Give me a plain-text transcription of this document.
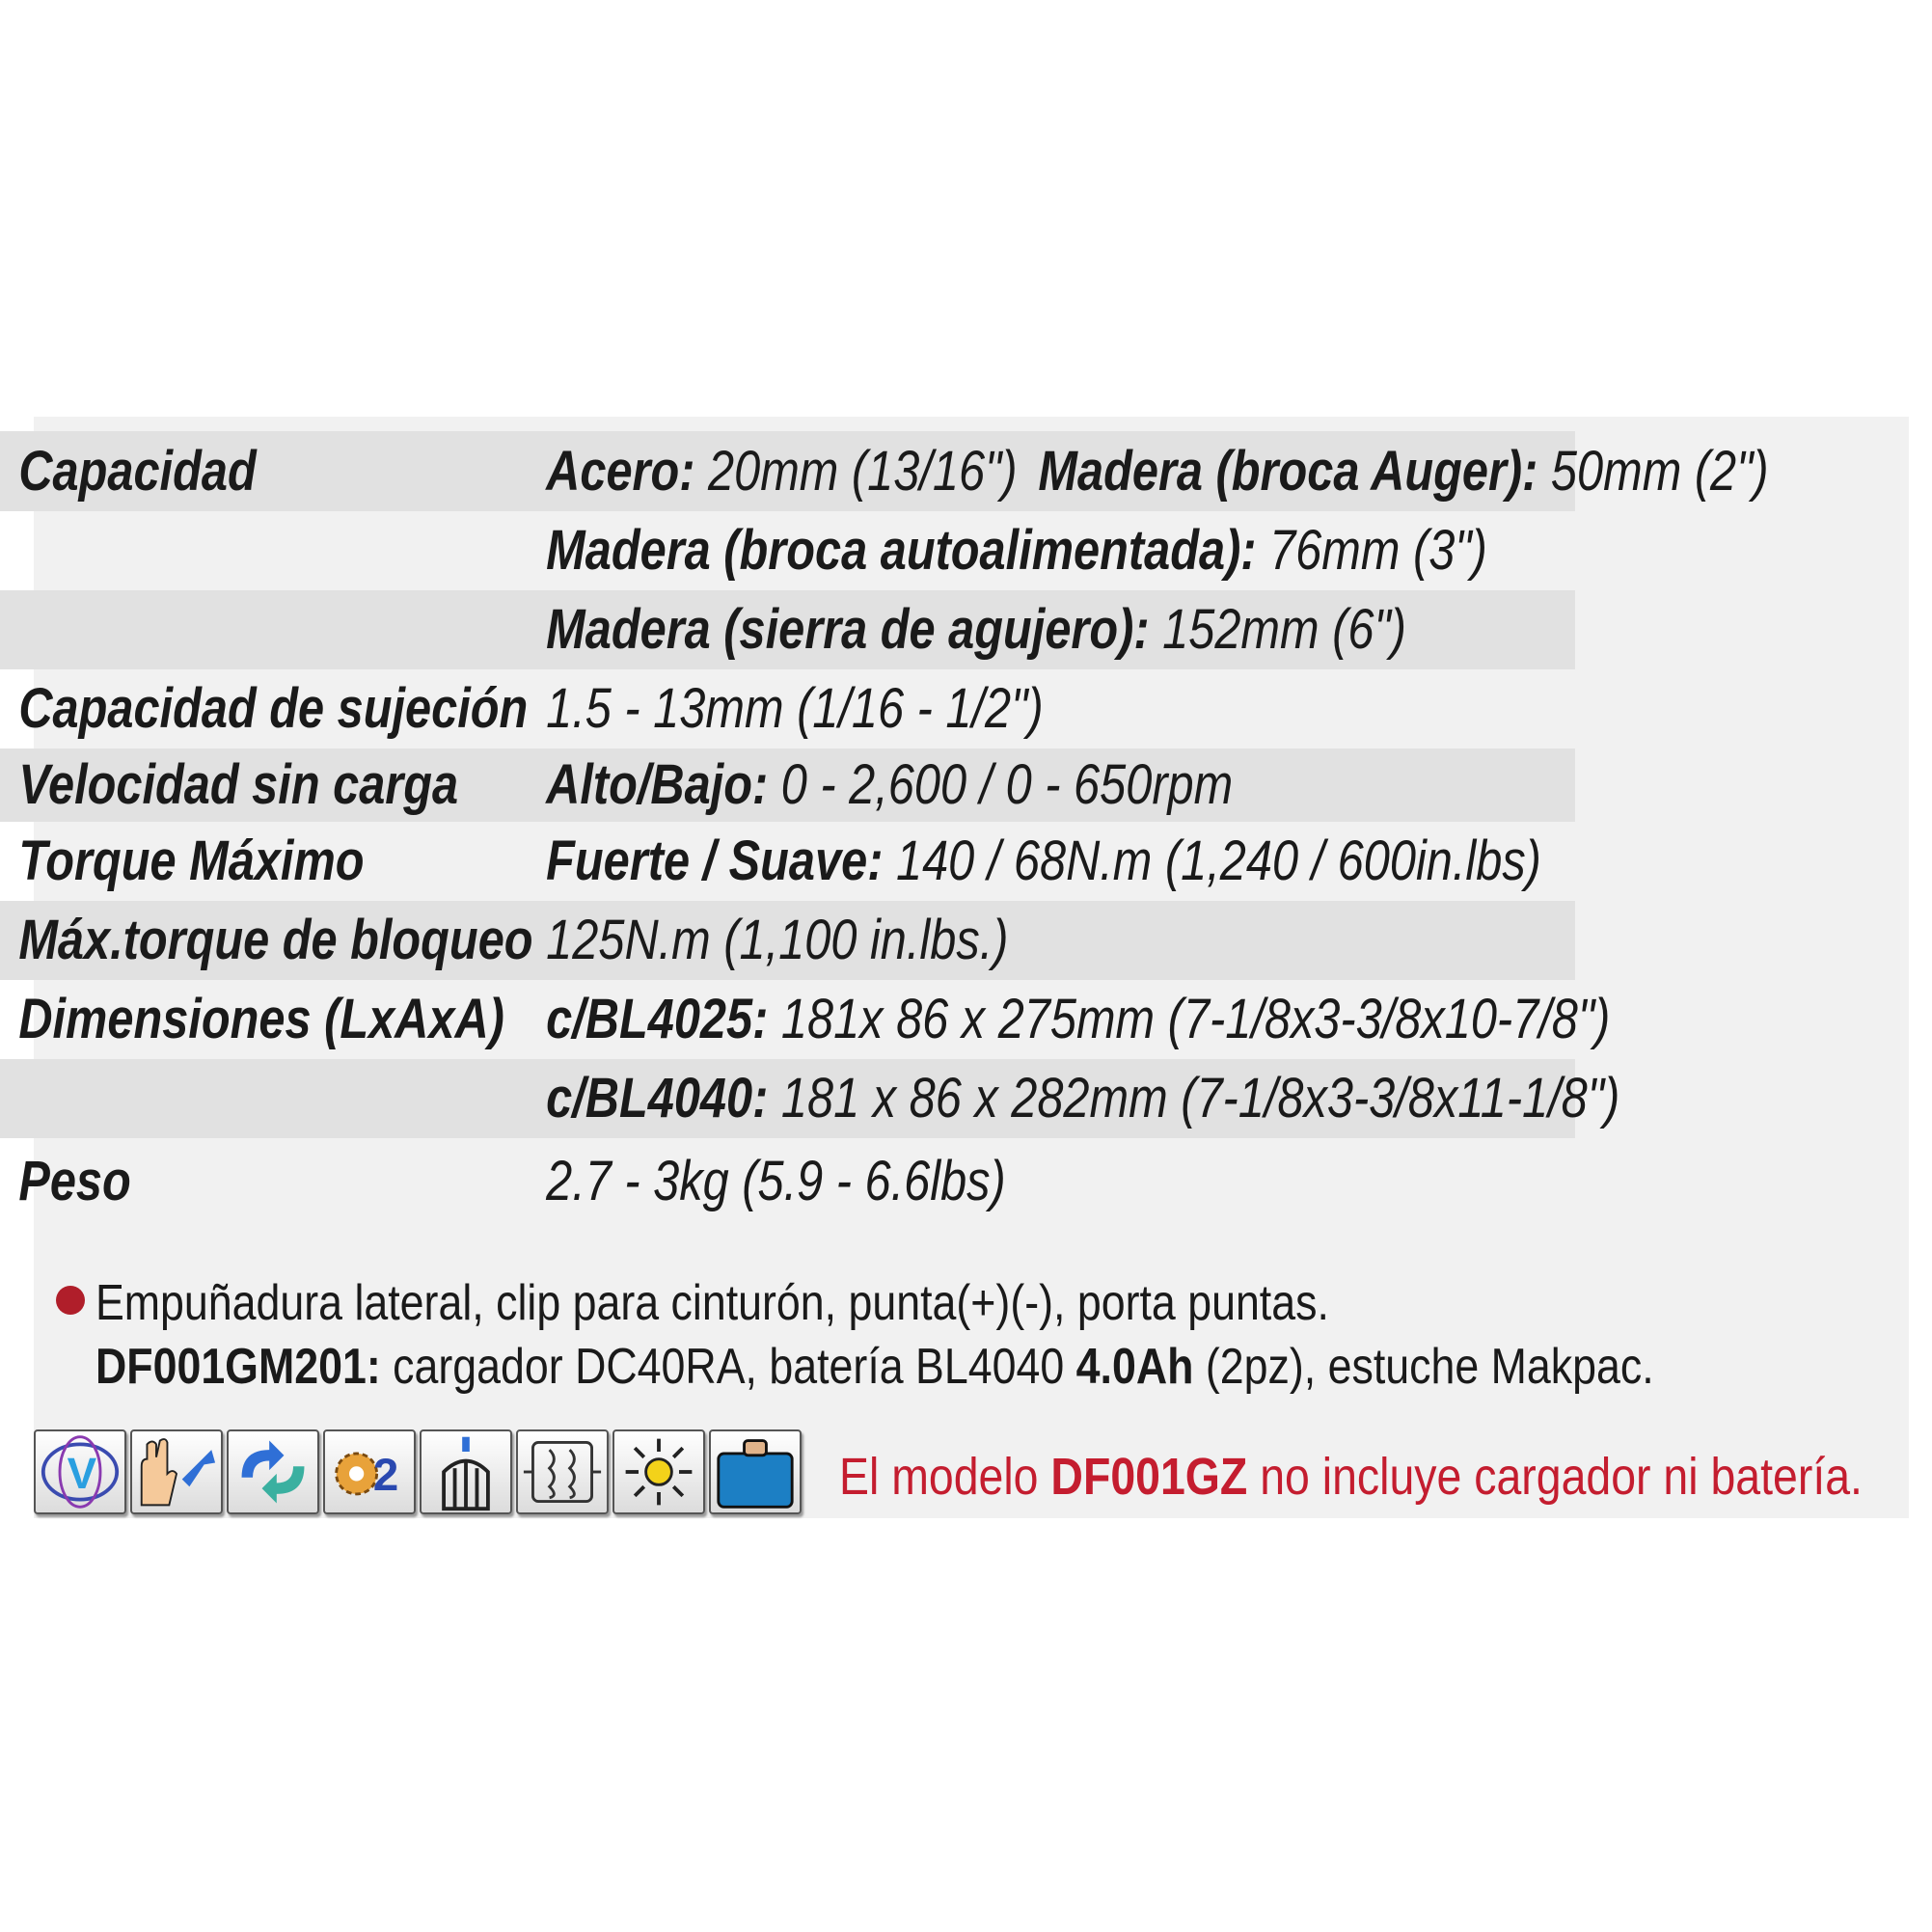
Capacidad	Acero: 20mm (13/16") Madera (broca Auger): 50mm (2")
Madera (broca autoalimentada): 76mm (3")
Madera (sierra de agujero): 152mm (6")
Capacidad de sujeción 1.5 - 13mm (1/16 - 1/2")
Velocidad sin carga Alto/Bajo: 0 - 2,600 / 0 - 650rpm
Torque Máximo	Fuerte / Suave: 140 / 68N.m (1,240 / 600in.lbs)
Máx.torque de bloqueo 125N.m (1,100 in.lbs.)
Dimensiones (LxAxA) c/BL4025: 181x 86 x 275mm (7-1/8x3-3/8x10-7/8")
c/BL4040: 181 x 86 x 282mm (7-1/8x3-3/8x11-1/8")
Peso	2.7 - 3kg (5.9 - 6.6lbs)
Empuñadura lateral, clip para cinturón, punta(+)(-), porta puntas.
DF001GM201: cargador DC40RA, batería BL4040 4.0Ah (2pz), estuche Makpac.
V	2	El modelo DF001GZ no incluye cargador ni batería.
